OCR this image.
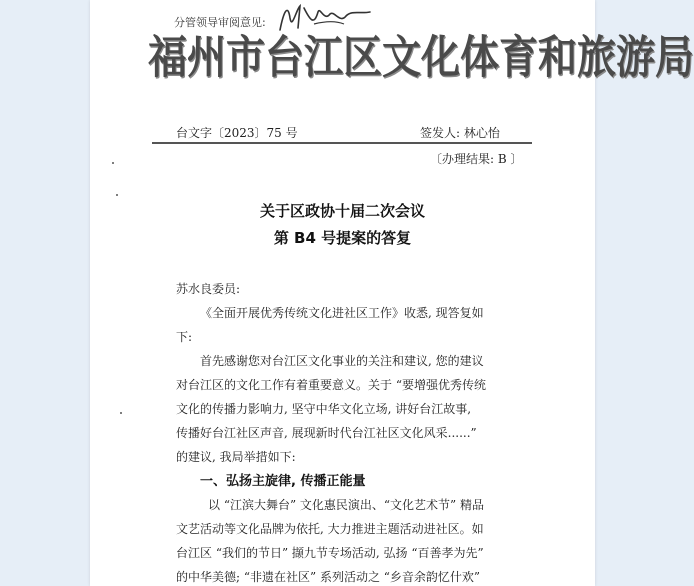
分管领导审阅意见:
福州市台江区文化体育和旅游局
台文字〔2023〕75 号	签发人: 林心怡
〔办理结果: B 〕
关于区政协十届二次会议
第 B4 号提案的答复
苏水良委员:
《全面开展优秀传统文化进社区工作》收悉, 现答复如
下:
首先感谢您对台江区文化事业的关注和建议, 您的建议
对台江区的文化工作有着重要意义。关于 “要增强优秀传统
文化的传播力影响力, 坚守中华文化立场, 讲好台江故事,
传播好台江社区声音, 展现新时代台江社区文化风采......”
的建议, 我局举措如下:
一、弘扬主旋律, 传播正能量
以 “江滨大舞台” 文化惠民演出、“文化艺术节” 精品
文艺活动等文化品牌为依托, 大力推进主题活动进社区。如
台江区 “我们的节日” 撷九节专场活动, 弘扬 “百善孝为先”
的中华美德; “非遗在社区” 系列活动之 “乡音余韵忆什欢”
